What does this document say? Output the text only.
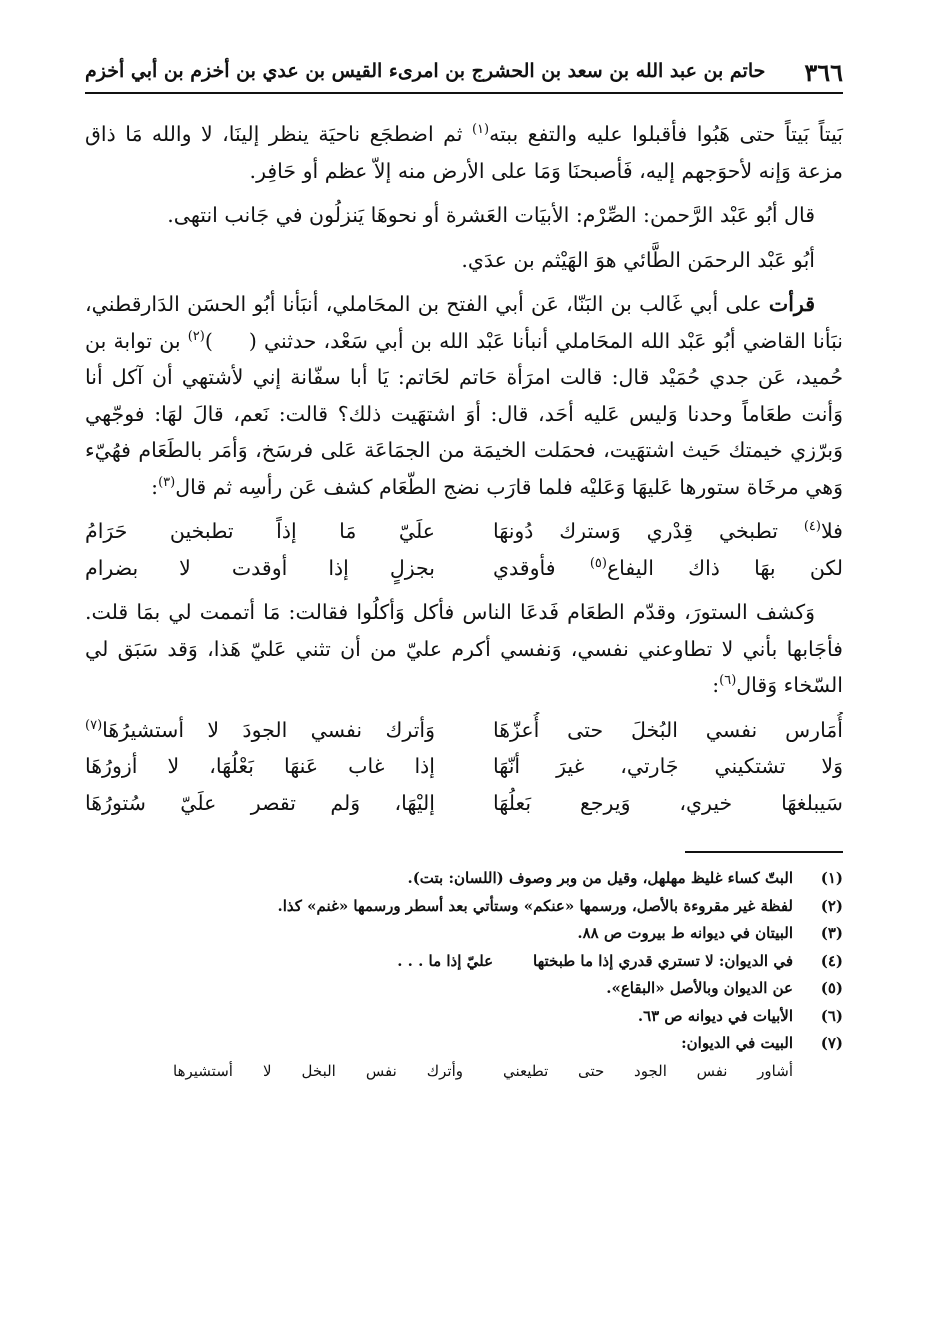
٣٦٦
حاتم بن عبد الله بن سعد بن الحشرج بن امرىء القيس بن عدي بن أخزم بن أبي أخزم

بَيتاً بَيتاً حتى هَبُوا فأقبلوا عليه والتفع ببته$^{(١)}$ ثم اضطجَع ناحيَة ينظر إلينَا، لا والله مَا ذاق مزعة وَإنه لأحوَجهم إليه، فَأصبحنَا وَمَا على الأرض منه إلاّ عظم أو حَافِر.

قال أبُو عَبْد الرَّحمن: الصِّرْم: الأبيَات العَشرة أو نحوهَا يَنزلُون في جَانب انتهى.

أبُو عَبْد الرحمَن الطَّائي هوَ الهَيْثم بن عدَي.

قرأت على أبي غَالب بن البَنّا، عَن أبي الفتح بن المحَاملي، أنبَأنا أبُو الحسَن الدَارقطني، نبَأنا القاضي أبُو عَبْد الله المحَاملي أنبأنا عَبْد الله بن أبي سَعْد، حدثني ()$^{(٢)}$ بن توابة بن حُميد، عَن جدي حُمَيْد قال: قالت امرَأة حَاتم لحَاتم: يَا أبا سفّانة إني لأشتهي أن آكل أنا وَأنت طعَاماً وحدنا وَليس عَليه أحَد، قال: أوَ اشتهَيت ذلك؟ قالت: نَعم، قالَ لهَا: فوجّهي وَبرّزي خيمتك حَيث اشتهَيت، فحمَلت الخيمَة من الجمَاعَة عَلى فرسَخ، وَأمَر بالطَعَام فهُيّء وَهي مرخَاة ستورها عَليهَا وَعَليْه فلما قارَب نضج الطّعَام كشف عَن رأسِه ثم قال$^{(٣)}$:

فلا$^{(٤)}$ تطبخي قِدْري وَسترك دُونهَا
علَيّ مَا إذاً تطبخين حَرَامُ
لكن بهَا ذاك اليفاع$^{(٥)}$ فأوقدي
بجزلٍ إذا أوقدت لا بضرام

وَكشف الستورَ، وقدّم الطعَام فَدعَا الناس فأكل وَأكلُوا فقالت: مَا أتممت لي بمَا قلت. فأجَابها بأني لا تطاوعني نفسي، وَنفسي أكرم عليّ من أن تثني عَليّ هَذا، وَقد سَبَق لي السّخاء وَقال$^{(٦)}$:

أُمَارس نفسي البُخلَ حتى أُعزّهَا
وَأترك نفسي الجودَ لا أستشيرُهَا$^{(٧)}$
وَلا تشتكيني جَارتي، غيرَ أنّهَا
إذا غاب عَنهَا بَعْلُهَا، لا أزورُهَا
سَيبلغهَا خيري، وَيرجع بَعلُهَا
إليْهَا، وَلم تقصر علَيّ سُتورُهَا
(١)
البتّ كساء غليظ مهلهل، وقيل من وبر وصوف (اللسان: بتت).
(٢)
لفظة غير مقروءة بالأصل، ورسمها «عنكم» وستأتي بعد أسطر ورسمها «غنم» كذا.
(٣)
البيتان في ديوانه ط بيروت ص ٨٨.
(٤)
في الديوان: لا تستري قدري إذا ما طبختهاعليّ إذا ما . . .
(٥)
عن الديوان وبالأصل «البقاع».
(٦)
الأبيات في ديوانه ص ٦٣.
(٧)
البيت في الديوان:
أشاور نفس الجود حتى تطيعني
وأترك نفس البخل لا أستشيرها
